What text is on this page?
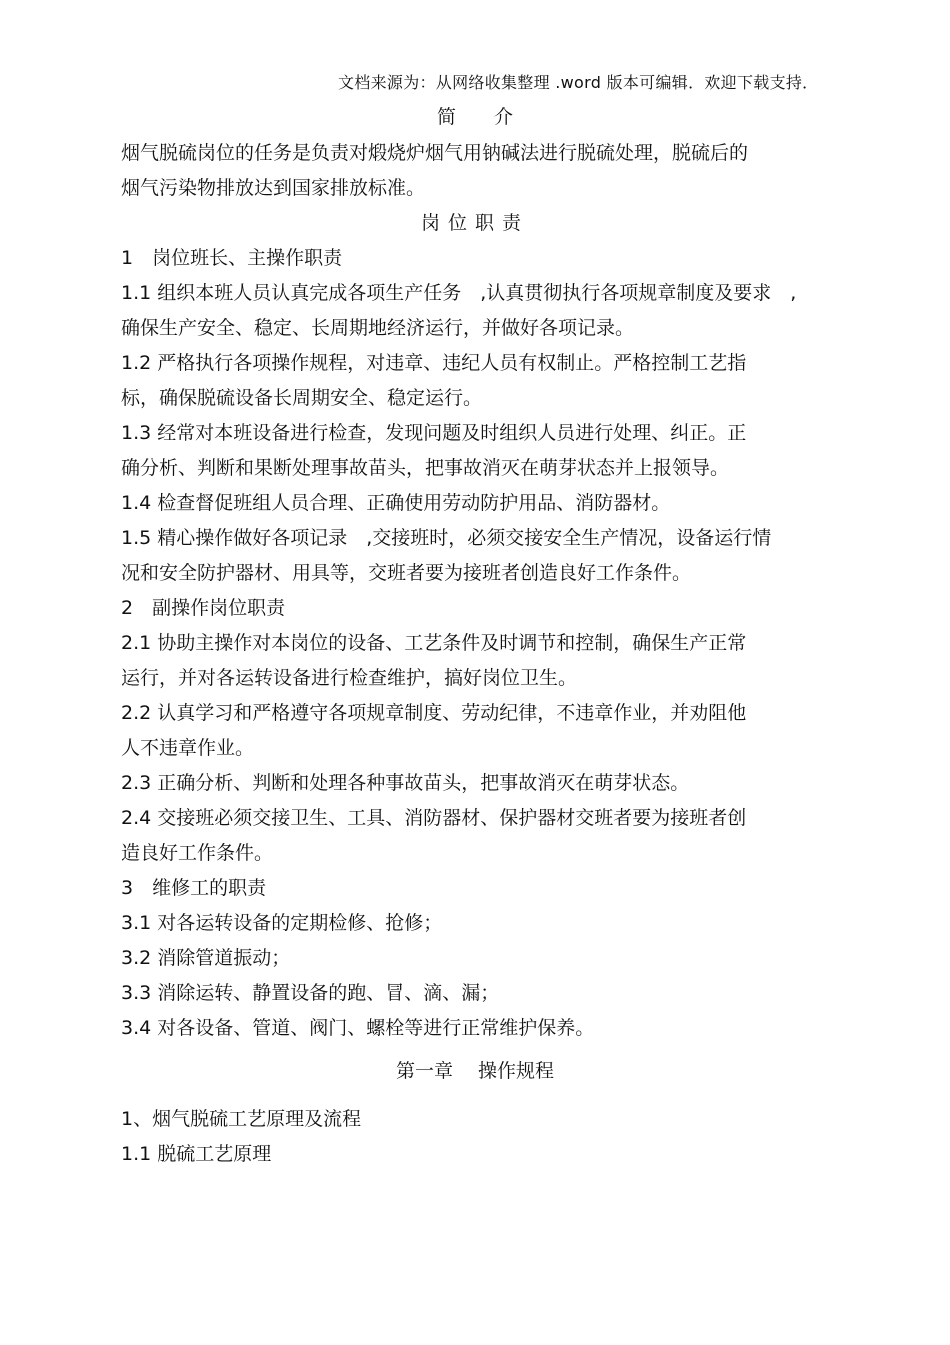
文档来源为：从网络收集整理 .word 版本可编辑．欢迎下载支持．
简　　介
烟气脱硫岗位的任务是负责对煅烧炉烟气用钠碱法进行脱硫处理，脱硫后的
烟气污染物排放达到国家排放标准。
岗位职责
1　岗位班长、主操作职责
1.1 组织本班人员认真完成各项生产任务　,认真贯彻执行各项规章制度及要求　,
确保生产安全、稳定、长周期地经济运行，并做好各项记录。
1.2 严格执行各项操作规程，对违章、违纪人员有权制止。严格控制工艺指
标，确保脱硫设备长周期安全、稳定运行。
1.3 经常对本班设备进行检查，发现问题及时组织人员进行处理、纠正。正
确分析、判断和果断处理事故苗头，把事故消灭在萌芽状态并上报领导。
1.4 检查督促班组人员合理、正确使用劳动防护用品、消防器材。
1.5 精心操作做好各项记录　,交接班时，必须交接安全生产情况，设备运行情
况和安全防护器材、用具等，交班者要为接班者创造良好工作条件。
2　副操作岗位职责
2.1 协助主操作对本岗位的设备、工艺条件及时调节和控制，确保生产正常
运行，并对各运转设备进行检查维护，搞好岗位卫生。
2.2 认真学习和严格遵守各项规章制度、劳动纪律，不违章作业，并劝阻他
人不违章作业。
2.3 正确分析、判断和处理各种事故苗头，把事故消灭在萌芽状态。
2.4 交接班必须交接卫生、工具、消防器材、保护器材交班者要为接班者创
造良好工作条件。
3　维修工的职责
3.1 对各运转设备的定期检修、抢修；
3.2 消除管道振动；
3.3 消除运转、静置设备的跑、冒、滴、漏；
3.4 对各设备、管道、阀门、螺栓等进行正常维护保养。
第一章　 操作规程
1、烟气脱硫工艺原理及流程
1.1 脱硫工艺原理
